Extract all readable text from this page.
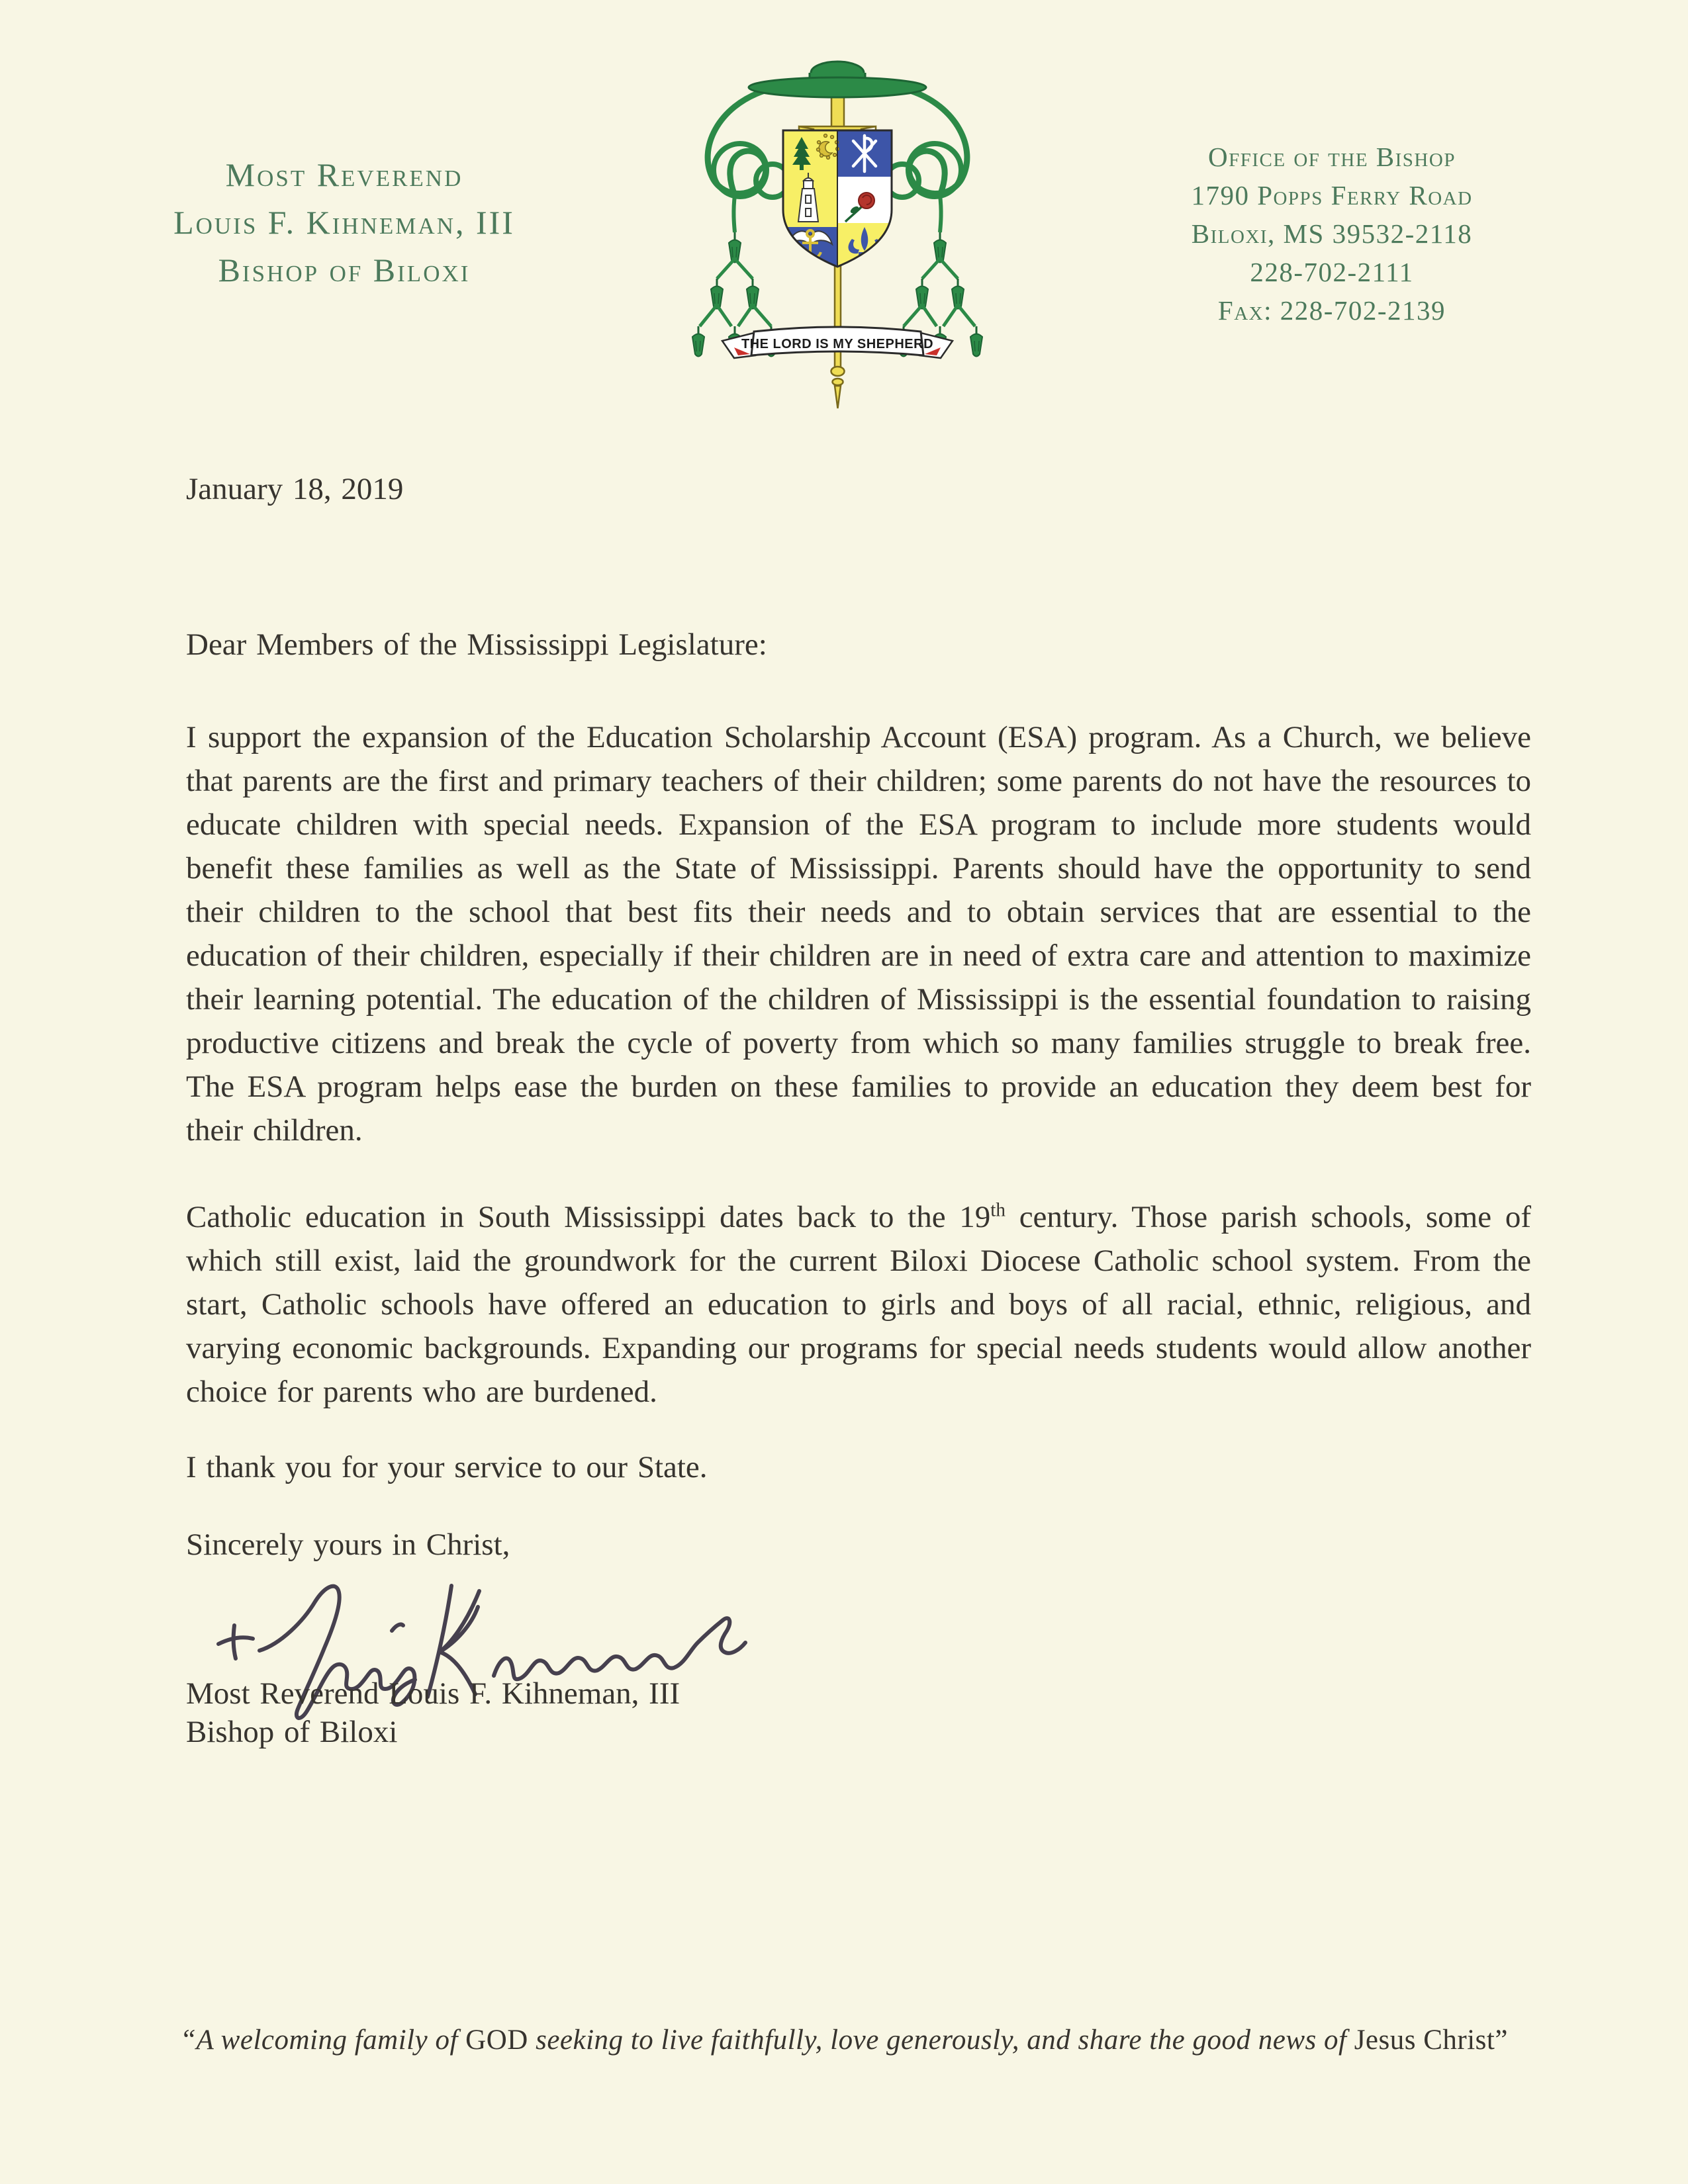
Most Reverend
Louis F. Kihneman, III
Bishop of Biloxi
Office of the Bishop
1790 Popps Ferry Road
Biloxi, MS 39532-2118
228-702-2111
Fax: 228-702-2139
THE LORD IS MY SHEPHERD
January 18, 2019
Dear Members of the Mississippi Legislature:
I support the expansion of the Education Scholarship Account (ESA) program. As a Church, we believe that parents are the first and primary teachers of their children; some parents do not have the resources to educate children with special needs. Expansion of the ESA program to include more students would benefit these families as well as the State of Mississippi. Parents should have the opportunity to send their children to the school that best fits their needs and to obtain services that are essential to the education of their children, especially if their children are in need of extra care and attention to maximize their learning potential. The education of the children of Mississippi is the essential foundation to raising productive citizens and break the cycle of poverty from which so many families struggle to break free. The ESA program helps ease the burden on these families to provide an education they deem best for their children.
Catholic education in South Mississippi dates back to the 19th century. Those parish schools, some of which still exist, laid the groundwork for the current Biloxi Diocese Catholic school system. From the start, Catholic schools have offered an education to girls and boys of all racial, ethnic, religious, and varying economic backgrounds. Expanding our programs for special needs students would allow another choice for parents who are burdened.
I thank you for your service to our State.
Sincerely yours in Christ,
Most Reverend Louis F. Kihneman, III
Bishop of Biloxi
“A welcoming family of GOD seeking to live faithfully, love generously, and share the good news of Jesus Christ”
